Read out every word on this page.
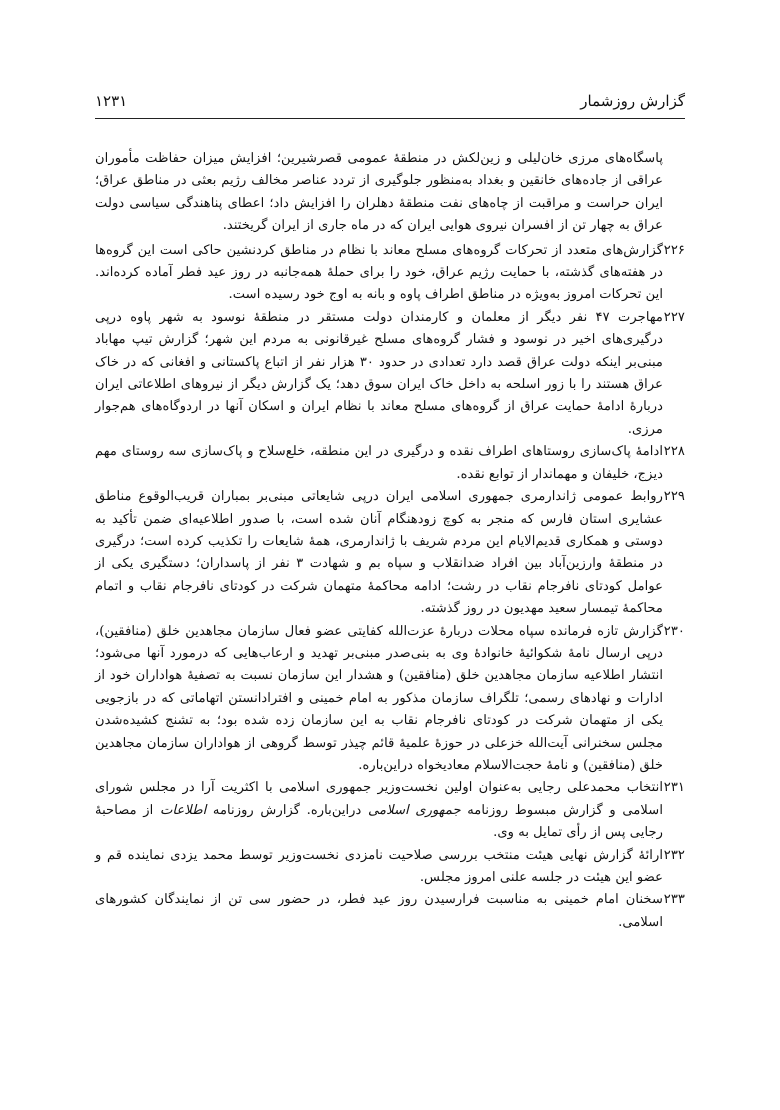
گزارش روزشمار
۱۲۳۱

پاسگاه‌های مرزی خان‌لیلی و زین‌لکش در منطقهٔ عمومی قصرشیرین؛ افزایش میزان حفاظت مأموران عراقی از جاده‌های خانقین و بغداد به‌منظور جلوگیری از تردد عناصر مخالف رژیم بعثی در مناطق عراق؛ ایران حراست و مراقبت از چاه‌های نفت منطقهٔ دهلران را افزایش داد؛ اعطای پناهندگی سیاسی دولت عراق به چهار تن از افسران نیروی هوایی ایران که در ماه جاری از ایران گریختند.

۲۲۶
گزارش‌های متعدد از تحرکات گروه‌های مسلح معاند با نظام در مناطق کردنشین حاکی است این گروه‌ها در هفته‌های گذشته، با حمایت رژیم عراق، خود را برای حملهٔ همه‌جانبه در روز عید فطر آماده کرده‌اند. این تحرکات امروز به‌ویژه در مناطق اطراف پاوه و بانه به اوج خود رسیده است.

۲۲۷
مهاجرت ۴۷ نفر دیگر از معلمان و کارمندان دولت مستقر در منطقهٔ نوسود به شهر پاوه درپی درگیری‌های اخیر در نوسود و فشار گروه‌های مسلح غیرقانونی به مردم این شهر؛ گزارش تیپ مهاباد مبنی‌بر اینکه دولت عراق قصد دارد تعدادی در حدود ۳۰ هزار نفر از اتباع پاکستانی و افغانی که در خاک عراق هستند را با زور اسلحه به داخل خاک ایران سوق دهد؛ یک گزارش دیگر از نیروهای اطلاعاتی ایران دربارهٔ ادامهٔ حمایت عراق از گروه‌های مسلح معاند با نظام ایران و اسکان آنها در اردوگاه‌های هم‌جوار مرزی.

۲۲۸
ادامهٔ پاک‌سازی روستاهای اطراف نقده و درگیری در این منطقه، خلع‌سلاح و پاک‌سازی سه روستای مهم دیزج، خلیفان و مهماندار از توابع نقده.

۲۲۹
روابط عمومی ژاندارمری جمهوری اسلامی ایران درپی شایعاتی مبنی‌بر بمباران قریب‌الوقوع مناطق عشایری استان فارس که منجر به کوچ زودهنگام آنان شده است، با صدور اطلاعیه‌ای ضمن تأکید به دوستی و همکاری قدیم‌الایام این مردم شریف با ژاندارمری، همهٔ شایعات را تکذیب کرده است؛ درگیری در منطقهٔ وارزین‌آباد بین افراد ضدانقلاب و سپاه بم و شهادت ۳ نفر از پاسداران؛ دستگیری یکی از عوامل کودتای نافرجام نقاب در رشت؛ ادامه محاکمهٔ متهمان شرکت در کودتای نافرجام نقاب و اتمام محاکمهٔ تیمسار سعید مهدیون در روز گذشته.

۲۳۰
گزارش تازه فرمانده سپاه محلات دربارهٔ عزت‌الله کفایتی عضو فعال سازمان مجاهدین خلق (منافقین)، درپی ارسال نامهٔ شکوائیهٔ خانوادهٔ وی به بنی‌صدر مبنی‌بر تهدید و ارعاب‌هایی که درمورد آنها می‌شود؛ انتشار اطلاعیه سازمان مجاهدین خلق (منافقین) و هشدار این سازمان نسبت به تصفیهٔ هواداران خود از ادارات و نهادهای رسمی؛ تلگراف سازمان مذکور به امام خمینی و افترادانستن اتهاماتی که در بازجویی یکی از متهمان شرکت در کودتای نافرجام نقاب به این سازمان زده شده بود؛ به تشنج کشیده‌شدن مجلس سخنرانی آیت‌الله خزعلی در حوزهٔ علمیهٔ قائم چیذر توسط گروهی از هواداران سازمان مجاهدین خلق (منافقین) و نامهٔ حجت‌الاسلام معادیخواه دراین‌باره.

۲۳۱
انتخاب محمدعلی رجایی به‌عنوان اولین نخست‌وزیر جمهوری اسلامی با اکثریت آرا در مجلس شورای اسلامی و گزارش مبسوط روزنامه جمهوری اسلامی دراین‌باره. گزارش روزنامه اطلاعات از مصاحبهٔ رجایی پس از رأی تمایل به وی.

۲۳۲
ارائهٔ گزارش نهایی هیئت منتخب بررسی صلاحیت نامزدی نخست‌وزیر توسط محمد یزدی نماینده قم و عضو این هیئت در جلسه علنی امروز مجلس.

۲۳۳
سخنان امام خمینی به مناسبت فرارسیدن روز عید فطر، در حضور سی تن از نمایندگان کشورهای اسلامی.
